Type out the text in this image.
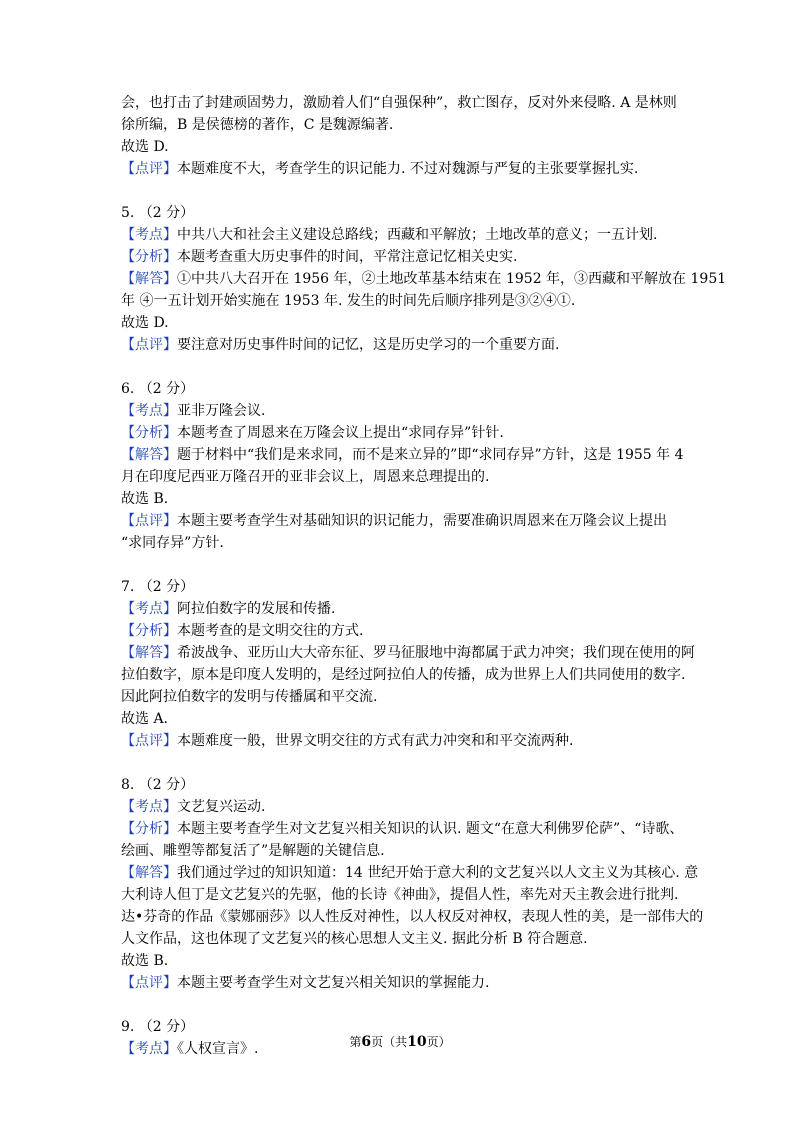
会，也打击了封建顽固势力，激励着人们“自强保种”，救亡图存，反对外来侵略. A 是林则
徐所编，B 是侯德榜的著作，C 是魏源编著.
故选 D.
【点评】本题难度不大，考查学生的识记能力. 不过对魏源与严复的主张要掌握扎实.
5. （2 分）
【考点】中共八大和社会主义建设总路线；西藏和平解放；土地改革的意义；一五计划.
【分析】本题考查重大历史事件的时间，平常注意记忆相关史实.
【解答】①中共八大召开在 1956 年，②土地改革基本结束在 1952 年，③西藏和平解放在 1951
年 ④一五计划开始实施在 1953 年. 发生的时间先后顺序排列是③②④①.
故选 D.
【点评】要注意对历史事件时间的记忆，这是历史学习的一个重要方面.
6. （2 分）
【考点】亚非万隆会议.
【分析】本题考查了周恩来在万隆会议上提出“求同存异”针针.
【解答】题于材料中“我们是来求同，而不是来立异的”即“求同存异”方针，这是 1955 年 4
月在印度尼西亚万隆召开的亚非会议上，周恩来总理提出的.
故选 B.
【点评】本题主要考查学生对基础知识的识记能力，需要准确识周恩来在万隆会议上提出
“求同存异”方针.
7. （2 分）
【考点】阿拉伯数字的发展和传播.
【分析】本题考查的是文明交往的方式.
【解答】希波战争、亚历山大大帝东征、罗马征服地中海都属于武力冲突；我们现在使用的阿
拉伯数字，原本是印度人发明的，是经过阿拉伯人的传播，成为世界上人们共同使用的数字.
因此阿拉伯数字的发明与传播属和平交流.
故选 A.
【点评】本题难度一般，世界文明交往的方式有武力冲突和和平交流两种.
8. （2 分）
【考点】文艺复兴运动.
【分析】本题主要考查学生对文艺复兴相关知识的认识. 题文“在意大利佛罗伦萨”、“诗歌、
绘画、雕塑等都复活了”是解题的关键信息.
【解答】我们通过学过的知识知道：14 世纪开始于意大利的文艺复兴以人文主义为其核心. 意
大利诗人但丁是文艺复兴的先驱，他的长诗《神曲》，提倡人性，率先对天主教会进行批判.
达•芬奇的作品《蒙娜丽莎》以人性反对神性，以人权反对神权，表现人性的美，是一部伟大的
人文作品，这也体现了文艺复兴的核心思想人文主义. 据此分析 B 符合题意.
故选 B.
【点评】本题主要考查学生对文艺复兴相关知识的掌握能力.
9. （2 分）
【考点】《人权宣言》.	第6页（共10页）
